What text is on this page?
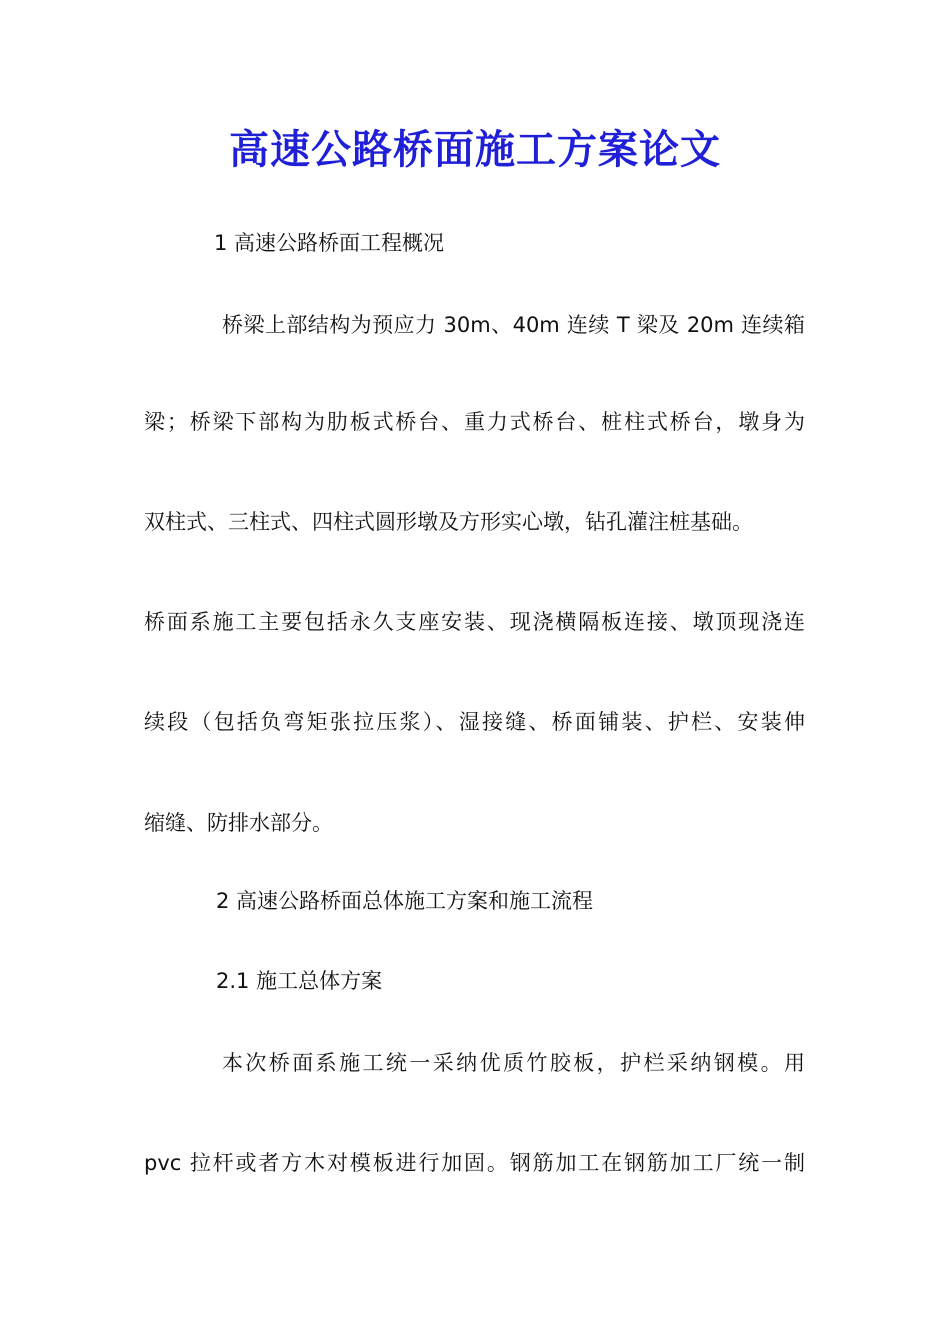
高速公路桥面施工方案论文
1 高速公路桥面工程概况
桥梁上部结构为预应力 30m、40m 连续 T 梁及 20m 连续箱
梁；桥梁下部构为肋板式桥台、重力式桥台、桩柱式桥台，墩身为
双柱式、三柱式、四柱式圆形墩及方形实心墩，钻孔灌注桩基础。
桥面系施工主要包括永久支座安装、现浇横隔板连接、墩顶现浇连
续段（包括负弯矩张拉压浆）、湿接缝、桥面铺装、护栏、安装伸
缩缝、防排水部分。
2 高速公路桥面总体施工方案和施工流程
2.1 施工总体方案
本次桥面系施工统一采纳优质竹胶板，护栏采纳钢模。用
pvc 拉杆或者方木对模板进行加固。钢筋加工在钢筋加工厂统一制
